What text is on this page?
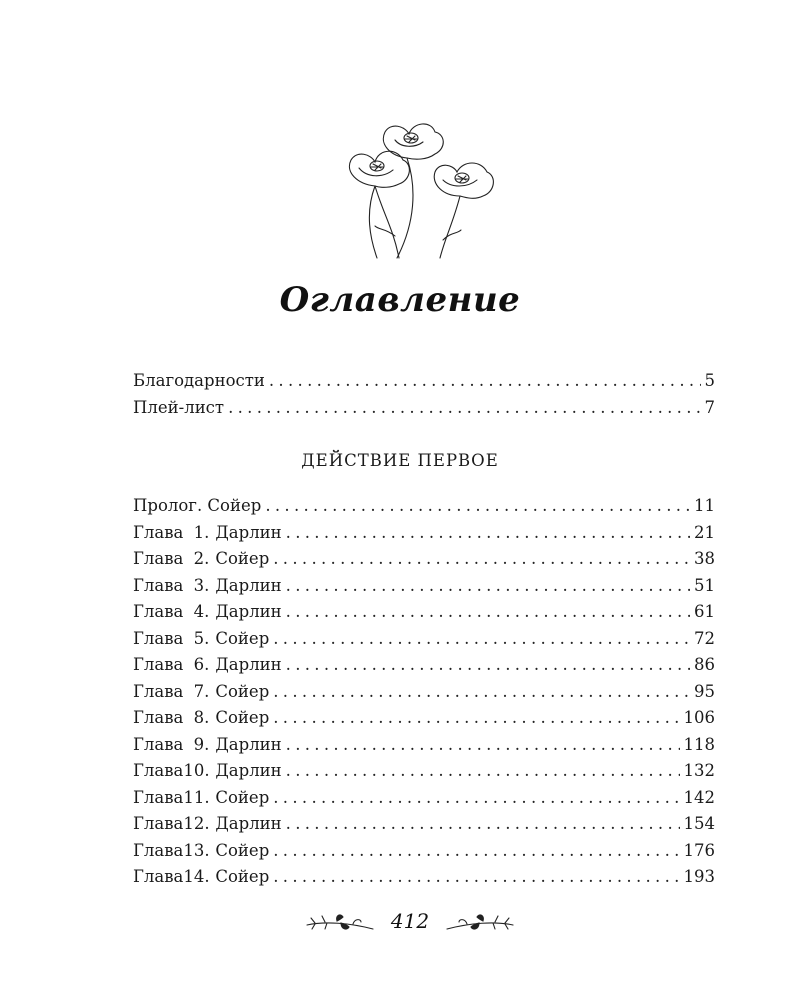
Оглавление
Благодарности .....	5
Плей-лист .....	7
ДЕЙСТВИЕ ПЕРВОЕ
Пролог. Сойер .....	11
Глава 1. Дарлин .....	21
Глава 2. Сойер .....	38
Глава 3. Дарлин .....	51
Глава 4. Дарлин .....	61
Глава 5. Сойер .....	72
Глава 6. Дарлин .....	86
Глава 7. Сойер .....	95
Глава 8. Сойер .....	106
Глава 9. Дарлин .....	118
Глава 10. Дарлин .....	132
Глава 11. Сойер .....	142
Глава 12. Дарлин .....	154
Глава 13. Сойер .....	176
Глава 14. Сойер .....	193
412
